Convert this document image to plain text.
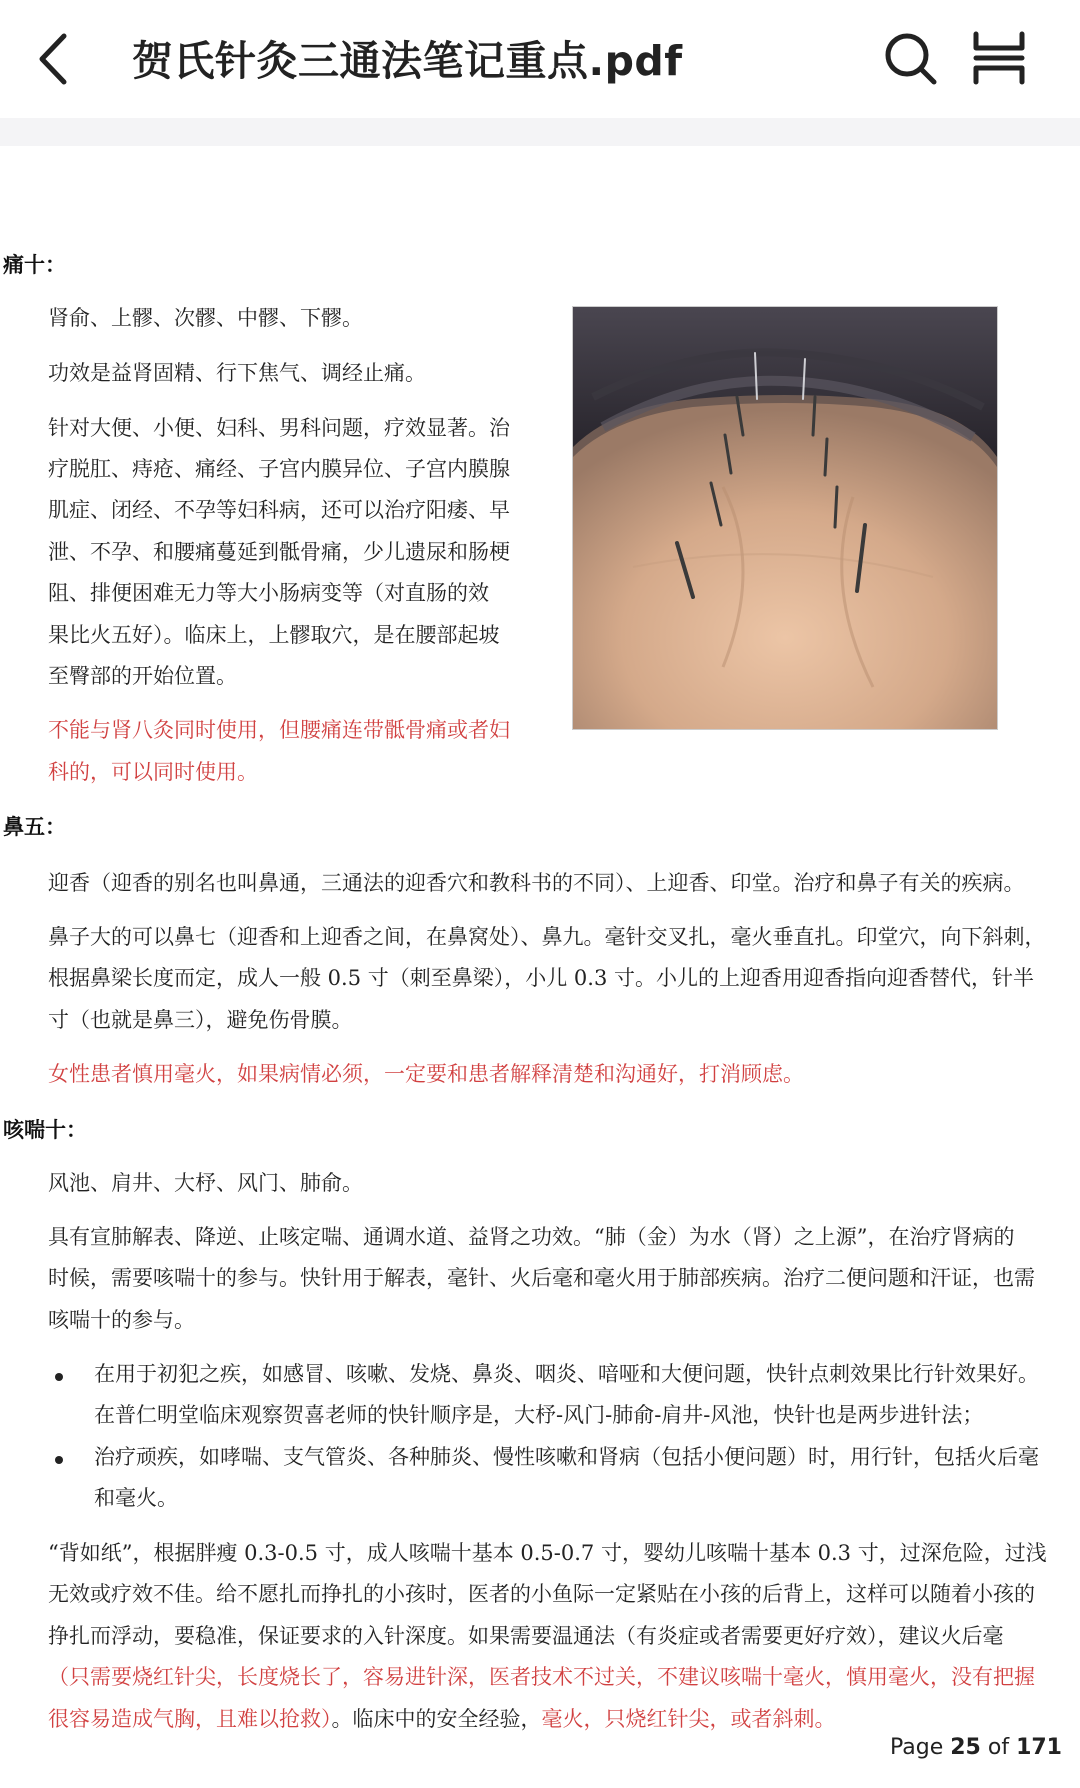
贺氏针灸三通法笔记重点.pdf
痛十：
肾俞、上髎、次髎、中髎、下髎。
功效是益肾固精、行下焦气、调经止痛。
针对大便、小便、妇科、男科问题，疗效显著。治
疗脱肛、痔疮、痛经、子宫内膜异位、子宫内膜腺
肌症、闭经、不孕等妇科病，还可以治疗阳痿、早
泄、不孕、和腰痛蔓延到骶骨痛，少儿遗尿和肠梗
阻、排便困难无力等大小肠病变等（对直肠的效
果比火五好）。临床上，上髎取穴，是在腰部起坡
至臀部的开始位置。
不能与肾八灸同时使用，但腰痛连带骶骨痛或者妇
科的，可以同时使用。
鼻五：
迎香（迎香的别名也叫鼻通，三通法的迎香穴和教科书的不同）、上迎香、印堂。治疗和鼻子有关的疾病。
鼻子大的可以鼻七（迎香和上迎香之间，在鼻窝处）、鼻九。毫针交叉扎，毫火垂直扎。印堂穴，向下斜刺，
根据鼻梁长度而定，成人一般 0.5 寸（刺至鼻梁），小儿 0.3 寸。小儿的上迎香用迎香指向迎香替代，针半
寸（也就是鼻三），避免伤骨膜。
女性患者慎用毫火，如果病情必须，一定要和患者解释清楚和沟通好，打消顾虑。
咳喘十：
风池、肩井、大杼、风门、肺俞。
具有宣肺解表、降逆、止咳定喘、通调水道、益肾之功效。“肺（金）为水（肾）之上源”，在治疗肾病的
时候，需要咳喘十的参与。快针用于解表，毫针、火后毫和毫火用于肺部疾病。治疗二便问题和汗证，也需
咳喘十的参与。
在用于初犯之疾，如感冒、咳嗽、发烧、鼻炎、咽炎、喑哑和大便问题，快针点刺效果比行针效果好。
在普仁明堂临床观察贺喜老师的快针顺序是，大杼-风门-肺俞-肩井-风池，快针也是两步进针法；
治疗顽疾，如哮喘、支气管炎、各种肺炎、慢性咳嗽和肾病（包括小便问题）时，用行针，包括火后毫
和毫火。
“背如纸”，根据胖瘦 0.3-0.5 寸，成人咳喘十基本 0.5-0.7 寸，婴幼儿咳喘十基本 0.3 寸，过深危险，过浅
无效或疗效不佳。给不愿扎而挣扎的小孩时，医者的小鱼际一定紧贴在小孩的后背上，这样可以随着小孩的
挣扎而浮动，要稳准，保证要求的入针深度。如果需要温通法（有炎症或者需要更好疗效），建议火后毫
（只需要烧红针尖，长度烧长了，容易进针深，医者技术不过关，不建议咳喘十毫火，慎用毫火，没有把握
很容易造成气胸，且难以抢救）。临床中的安全经验，毫火，只烧红针尖，或者斜刺。
Page 25 of 171
